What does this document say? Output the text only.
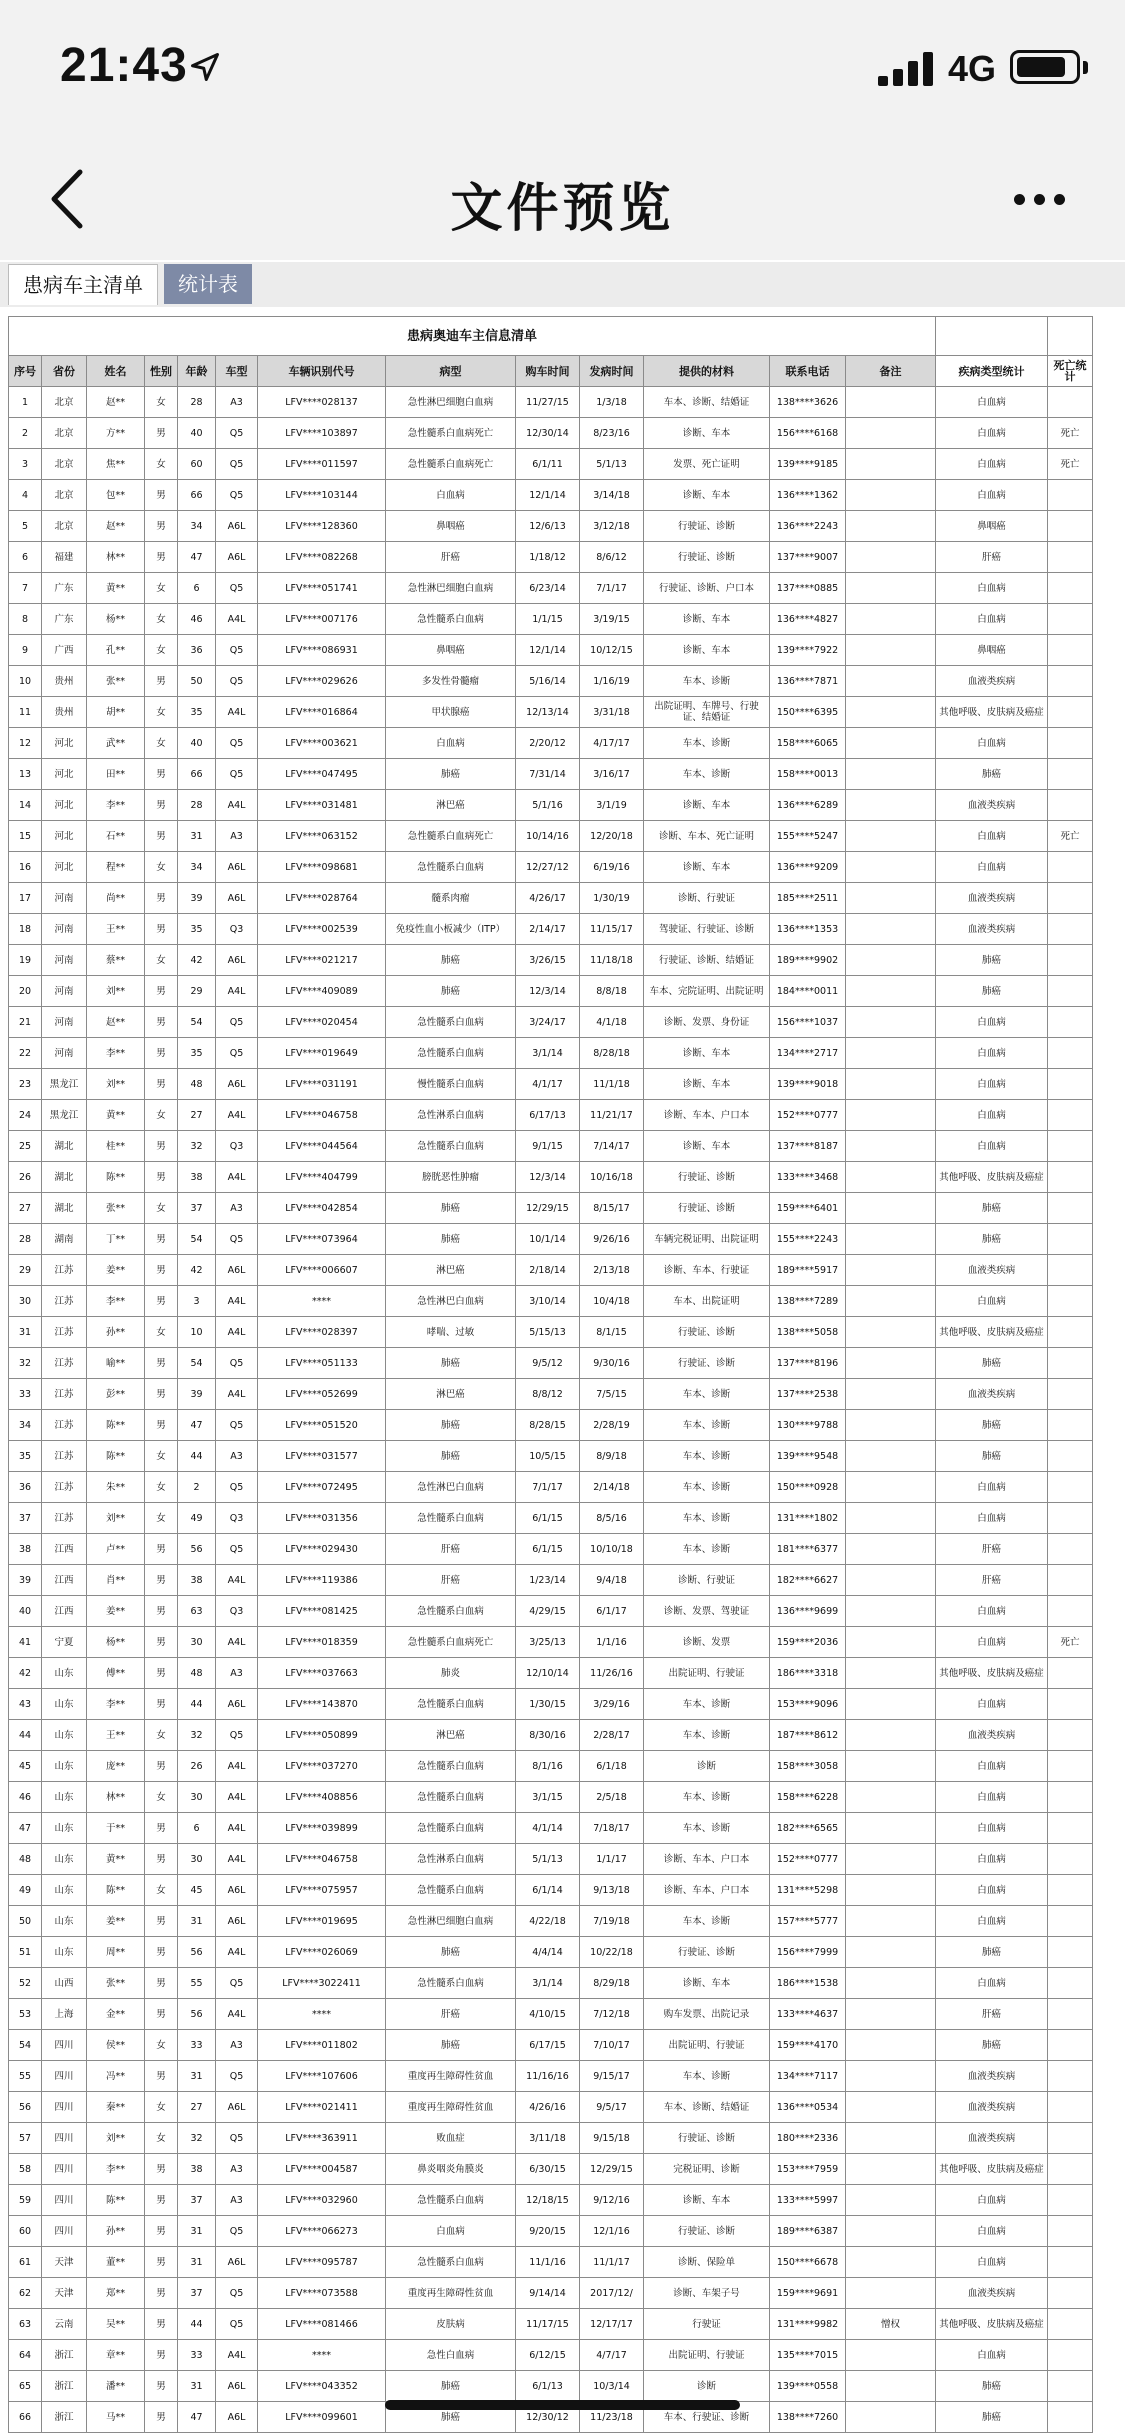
21:43	4G
文件预览
患病车主清单	统计表
患病奥迪车主信息清单														
序号	省份	姓名	性别	年龄	车型	车辆识别代号	病型	购车时间	发病时间	提供的材料	联系电话	备注	疾病类型统计	死亡统计
1	北京	赵**	女	28	A3	LFV****028137	急性淋巴细胞白血病	11/27/15	1/3/18	车本、诊断、结婚证	138****3626		白血病	
2	北京	方**	男	40	Q5	LFV****103897	急性髓系白血病死亡	12/30/14	8/23/16	诊断、车本	156****6168		白血病	死亡
3	北京	焦**	女	60	Q5	LFV****011597	急性髓系白血病死亡	6/1/11	5/1/13	发票、死亡证明	139****9185		白血病	死亡
4	北京	包**	男	66	Q5	LFV****103144	白血病	12/1/14	3/14/18	诊断、车本	136****1362		白血病	
5	北京	赵**	男	34	A6L	LFV****128360	鼻咽癌	12/6/13	3/12/18	行驶证、诊断	136****2243		鼻咽癌	
6	福建	林**	男	47	A6L	LFV****082268	肝癌	1/18/12	8/6/12	行驶证、诊断	137****9007		肝癌	
7	广东	黄**	女	6	Q5	LFV****051741	急性淋巴细胞白血病	6/23/14	7/1/17	行驶证、诊断、户口本	137****0885		白血病	
8	广东	杨**	女	46	A4L	LFV****007176	急性髓系白血病	1/1/15	3/19/15	诊断、车本	136****4827		白血病	
9	广西	孔**	女	36	Q5	LFV****086931	鼻咽癌	12/1/14	10/12/15	诊断、车本	139****7922		鼻咽癌	
10	贵州	张**	男	50	Q5	LFV****029626	多发性骨髓瘤	5/16/14	1/16/19	车本、诊断	136****7871		血液类疾病	
11	贵州	胡**	女	35	A4L	LFV****016864	甲状腺癌	12/13/14	3/31/18	出院证明、车牌号、行驶证、结婚证	150****6395		其他呼吸、皮肤病及癌症	
12	河北	武**	女	40	Q5	LFV****003621	白血病	2/20/12	4/17/17	车本、诊断	158****6065		白血病	
13	河北	田**	男	66	Q5	LFV****047495	肺癌	7/31/14	3/16/17	车本、诊断	158****0013		肺癌	
14	河北	李**	男	28	A4L	LFV****031481	淋巴癌	5/1/16	3/1/19	诊断、车本	136****6289		血液类疾病	
15	河北	石**	男	31	A3	LFV****063152	急性髓系白血病死亡	10/14/16	12/20/18	诊断、车本、死亡证明	155****5247		白血病	死亡
16	河北	程**	女	34	A6L	LFV****098681	急性髓系白血病	12/27/12	6/19/16	诊断、车本	136****9209		白血病	
17	河南	尚**	男	39	A6L	LFV****028764	髓系肉瘤	4/26/17	1/30/19	诊断、行驶证	185****2511		血液类疾病	
18	河南	王**	男	35	Q3	LFV****002539	免疫性血小板减少（ITP）	2/14/17	11/15/17	驾驶证、行驶证、诊断	136****1353		血液类疾病	
19	河南	蔡**	女	42	A6L	LFV****021217	肺癌	3/26/15	11/18/18	行驶证、诊断、结婚证	189****9902		肺癌	
20	河南	刘**	男	29	A4L	LFV****409089	肺癌	12/3/14	8/8/18	车本、完院证明、出院证明	184****0011		肺癌	
21	河南	赵**	男	54	Q5	LFV****020454	急性髓系白血病	3/24/17	4/1/18	诊断、发票、身份证	156****1037		白血病	
22	河南	李**	男	35	Q5	LFV****019649	急性髓系白血病	3/1/14	8/28/18	诊断、车本	134****2717		白血病	
23	黑龙江	刘**	男	48	A6L	LFV****031191	慢性髓系白血病	4/1/17	11/1/18	诊断、车本	139****9018		白血病	
24	黑龙江	黄**	女	27	A4L	LFV****046758	急性淋系白血病	6/17/13	11/21/17	诊断、车本、户口本	152****0777		白血病	
25	湖北	桂**	男	32	Q3	LFV****044564	急性髓系白血病	9/1/15	7/14/17	诊断、车本	137****8187		白血病	
26	湖北	陈**	男	38	A4L	LFV****404799	膀胱恶性肿瘤	12/3/14	10/16/18	行驶证、诊断	133****3468		其他呼吸、皮肤病及癌症	
27	湖北	张**	女	37	A3	LFV****042854	肺癌	12/29/15	8/15/17	行驶证、诊断	159****6401		肺癌	
28	湖南	丁**	男	54	Q5	LFV****073964	肺癌	10/1/14	9/26/16	车辆完税证明、出院证明	155****2243		肺癌	
29	江苏	姜**	男	42	A6L	LFV****006607	淋巴癌	2/18/14	2/13/18	诊断、车本、行驶证	189****5917		血液类疾病	
30	江苏	李**	男	3	A4L	****	急性淋巴白血病	3/10/14	10/4/18	车本、出院证明	138****7289		白血病	
31	江苏	孙**	女	10	A4L	LFV****028397	哮喘、过敏	5/15/13	8/1/15	行驶证、诊断	138****5058		其他呼吸、皮肤病及癌症	
32	江苏	喻**	男	54	Q5	LFV****051133	肺癌	9/5/12	9/30/16	行驶证、诊断	137****8196		肺癌	
33	江苏	彭**	男	39	A4L	LFV****052699	淋巴癌	8/8/12	7/5/15	车本、诊断	137****2538		血液类疾病	
34	江苏	陈**	男	47	Q5	LFV****051520	肺癌	8/28/15	2/28/19	车本、诊断	130****9788		肺癌	
35	江苏	陈**	女	44	A3	LFV****031577	肺癌	10/5/15	8/9/18	车本、诊断	139****9548		肺癌	
36	江苏	朱**	女	2	Q5	LFV****072495	急性淋巴白血病	7/1/17	2/14/18	车本、诊断	150****0928		白血病	
37	江苏	刘**	女	49	Q3	LFV****031356	急性髓系白血病	6/1/15	8/5/16	车本、诊断	131****1802		白血病	
38	江西	卢**	男	56	Q5	LFV****029430	肝癌	6/1/15	10/10/18	车本、诊断	181****6377		肝癌	
39	江西	肖**	男	38	A4L	LFV****119386	肝癌	1/23/14	9/4/18	诊断、行驶证	182****6627		肝癌	
40	江西	姜**	男	63	Q3	LFV****081425	急性髓系白血病	4/29/15	6/1/17	诊断、发票、驾驶证	136****9699		白血病	
41	宁夏	杨**	男	30	A4L	LFV****018359	急性髓系白血病死亡	3/25/13	1/1/16	诊断、发票	159****2036		白血病	死亡
42	山东	傅**	男	48	A3	LFV****037663	肺炎	12/10/14	11/26/16	出院证明、行驶证	186****3318		其他呼吸、皮肤病及癌症	
43	山东	李**	男	44	A6L	LFV****143870	急性髓系白血病	1/30/15	3/29/16	车本、诊断	153****9096		白血病	
44	山东	王**	女	32	Q5	LFV****050899	淋巴癌	8/30/16	2/28/17	车本、诊断	187****8612		血液类疾病	
45	山东	庞**	男	26	A4L	LFV****037270	急性髓系白血病	8/1/16	6/1/18	诊断	158****3058		白血病	
46	山东	林**	女	30	A4L	LFV****408856	急性髓系白血病	3/1/15	2/5/18	车本、诊断	158****6228		白血病	
47	山东	于**	男	6	A4L	LFV****039899	急性髓系白血病	4/1/14	7/18/17	车本、诊断	182****6565		白血病	
48	山东	黄**	男	30	A4L	LFV****046758	急性淋系白血病	5/1/13	1/1/17	诊断、车本、户口本	152****0777		白血病	
49	山东	陈**	女	45	A6L	LFV****075957	急性髓系白血病	6/1/14	9/13/18	诊断、车本、户口本	131****5298		白血病	
50	山东	姜**	男	31	A6L	LFV****019695	急性淋巴细胞白血病	4/22/18	7/19/18	车本、诊断	157****5777		白血病	
51	山东	周**	男	56	A4L	LFV****026069	肺癌	4/4/14	10/22/18	行驶证、诊断	156****7999		肺癌	
52	山西	张**	男	55	Q5	LFV****3022411	急性髓系白血病	3/1/14	8/29/18	诊断、车本	186****1538		白血病	
53	上海	金**	男	56	A4L	****	肝癌	4/10/15	7/12/18	购车发票、出院记录	133****4637		肝癌	
54	四川	侯**	女	33	A3	LFV****011802	肺癌	6/17/15	7/10/17	出院证明、行驶证	159****4170		肺癌	
55	四川	冯**	男	31	Q5	LFV****107606	重度再生障碍性贫血	11/16/16	9/15/17	车本、诊断	134****7117		血液类疾病	
56	四川	秦**	女	27	A6L	LFV****021411	重度再生障碍性贫血	4/26/16	9/5/17	车本、诊断、结婚证	136****0534		血液类疾病	
57	四川	刘**	女	32	Q5	LFV****363911	败血症	3/11/18	9/15/18	行驶证、诊断	180****2336		血液类疾病	
58	四川	李**	男	38	A3	LFV****004587	鼻炎咽炎角膜炎	6/30/15	12/29/15	完税证明、诊断	153****7959		其他呼吸、皮肤病及癌症	
59	四川	陈**	男	37	A3	LFV****032960	急性髓系白血病	12/18/15	9/12/16	诊断、车本	133****5997		白血病	
60	四川	孙**	男	31	Q5	LFV****066273	白血病	9/20/15	12/1/16	行驶证、诊断	189****6387		白血病	
61	天津	董**	男	31	A6L	LFV****095787	急性髓系白血病	11/1/16	11/1/17	诊断、保险单	150****6678		白血病	
62	天津	郑**	男	37	Q5	LFV****073588	重度再生障碍性贫血	9/14/14	2017/12/	诊断、车架子号	159****9691		血液类疾病	
63	云南	吴**	男	44	Q5	LFV****081466	皮肤病	11/17/15	12/17/17	行驶证	131****9982	憎权	其他呼吸、皮肤病及癌症	
64	浙江	章**	男	33	A4L	****	急性白血病	6/12/15	4/7/17	出院证明、行驶证	135****7015		白血病	
65	浙江	潘**	男	31	A6L	LFV****043352	肺癌	6/1/13	10/3/14	诊断	139****0558		肺癌	
66	浙江	马**	男	47	A6L	LFV****099601	肺癌	12/30/12	11/23/18	车本、行驶证、诊断	138****7260		肺癌	
